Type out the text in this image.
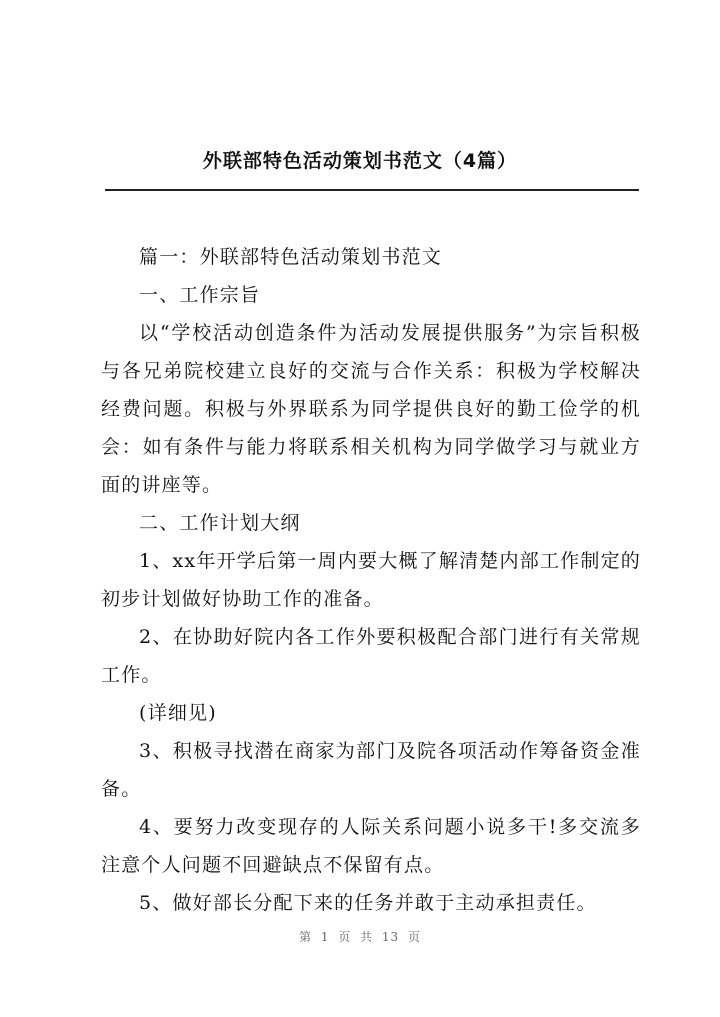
外联部特色活动策划书范文（4篇）

篇一：外联部特色活动策划书范文

一、工作宗旨

以“学校活动创造条件为活动发展提供服务”为宗旨积极与各兄弟院校建立良好的交流与合作关系：积极为学校解决经费问题。积极与外界联系为同学提供良好的勤工俭学的机会：如有条件与能力将联系相关机构为同学做学习与就业方面的讲座等。

二、工作计划大纲

1、xx年开学后第一周内要大概了解清楚内部工作制定的初步计划做好协助工作的准备。

2、在协助好院内各工作外要积极配合部门进行有关常规工作。

(详细见)

3、积极寻找潜在商家为部门及院各项活动作筹备资金准备。

4、要努力改变现存的人际关系问题小说多干!多交流多注意个人问题不回避缺点不保留有点。

5、做好部长分配下来的任务并敢于主动承担责任。

第 1 页 共 13 页
